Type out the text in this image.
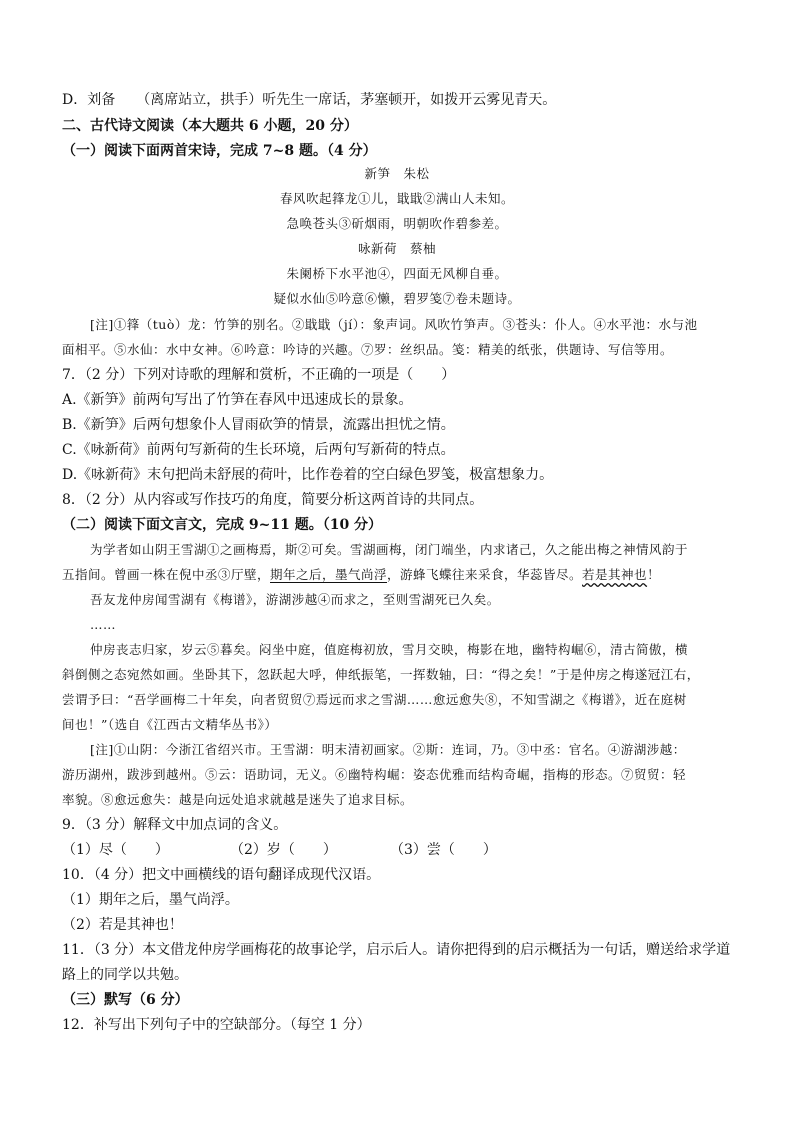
D．刘备　　（离席站立，拱手）听先生一席话，茅塞顿开，如拨开云雾见青天。
二、古代诗文阅读（本大题共 6 小题，20 分）
（一）阅读下面两首宋诗，完成 7~8 题。（4 分）
新笋　朱松
春风吹起箨龙①儿，戢戢②满山人未知。
急唤苍头③斫烟雨，明朝吹作碧参差。
咏新荷　蔡柚
朱阑桥下水平池④，四面无风柳自垂。
疑似水仙⑤吟意⑥懒，碧罗笺⑦卷未题诗。
[注]①箨（tuò）龙：竹笋的别名。②戢戢（jí）：象声词。风吹竹笋声。③苍头：仆人。④水平池：水与池
面相平。⑤水仙：水中女神。⑥吟意：吟诗的兴趣。⑦罗：丝织品。笺：精美的纸张，供题诗、写信等用。
7．（2 分）下列对诗歌的理解和赏析，不正确的一项是（　　）
A.《新笋》前两句写出了竹笋在春风中迅速成长的景象。
B.《新笋》后两句想象仆人冒雨砍笋的情景，流露出担忧之情。
C.《咏新荷》前两句写新荷的生长环境，后两句写新荷的特点。
D.《咏新荷》末句把尚未舒展的荷叶，比作卷着的空白绿色罗笺，极富想象力。
8．（2 分）从内容或写作技巧的角度，简要分析这两首诗的共同点。
（二）阅读下面文言文，完成 9~11 题。（10 分）
为学者如山阴王雪湖①之画梅焉，斯②可矣。雪湖画梅，闭门端坐，内求诸己，久之能出梅之神情风韵于
五指间。曾画一株在倪中丞③厅壁，期年之后，墨气尚浮，游蜂飞蝶往来采食，华蕊皆尽。若是其神也！
吾友龙仲房闻雪湖有《梅谱》，游湖涉越④而求之，至则雪湖死已久矣。
……
仲房丧志归家，岁云⑤暮矣。闷坐中庭，值庭梅初放，雪月交映，梅影在地，幽特构崛⑥，清古简傲，横
斜倒侧之态宛然如画。坐卧其下，忽跃起大呼，伸纸振笔，一挥数轴，曰：“得之矣！”于是仲房之梅遂冠江右，
尝谓予曰：“吾学画梅二十年矣，向者贸贸⑦焉远而求之雪湖……愈远愈失⑧，不知雪湖之《梅谱》，近在庭树
间也！”（选自《江西古文精华丛书》）
[注]①山阴：今浙江省绍兴市。王雪湖：明末清初画家。②斯：连词，乃。③中丞：官名。④游湖涉越：
游历湖州，跋涉到越州。⑤云：语助词，无义。⑥幽特构崛：姿态优雅而结构奇崛，指梅的形态。⑦贸贸：轻
率貌。⑧愈远愈失：越是向远处追求就越是迷失了追求目标。
9．（3 分）解释文中加点词的含义。
（1）尽（　　）	（2）岁（　　）	（3）尝（　　）
10．（4 分）把文中画横线的语句翻译成现代汉语。
（1）期年之后，墨气尚浮。
（2）若是其神也！
11．（3 分）本文借龙仲房学画梅花的故事论学，启示后人。请你把得到的启示概括为一句话，赠送给求学道
路上的同学以共勉。
（三）默写（6 分）
12．补写出下列句子中的空缺部分。（每空 1 分）
